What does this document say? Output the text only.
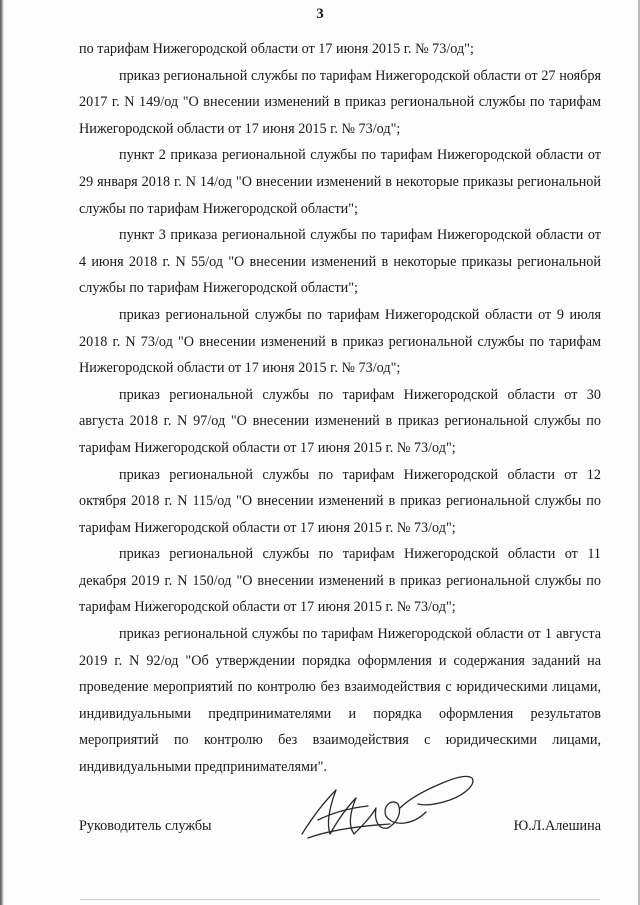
3

по тарифам Нижегородской области от 17 июня 2015 г. № 73/од";

приказ региональной службы по тарифам Нижегородской области от 27 ноября 2017 г. N 149/од "О внесении изменений в приказ региональной службы по тарифам Нижегородской области от 17 июня 2015 г. № 73/од";

пункт 2 приказа региональной службы по тарифам Нижегородской области от 29 января 2018 г. N 14/од "О внесении изменений в некоторые приказы региональной службы по тарифам Нижегородской области";

пункт 3 приказа региональной службы по тарифам Нижегородской области от 4 июня 2018 г. N 55/од "О внесении изменений в некоторые приказы региональной службы по тарифам Нижегородской области";

приказ региональной службы по тарифам Нижегородской области от 9 июля 2018 г. N 73/од "О внесении изменений в приказ региональной службы по тарифам Нижегородской области от 17 июня 2015 г. № 73/од";

приказ региональной службы по тарифам Нижегородской области от 30 августа 2018 г. N 97/од "О внесении изменений в приказ региональной службы по тарифам Нижегородской области от 17 июня 2015 г. № 73/од";

приказ региональной службы по тарифам Нижегородской области от 12 октября 2018 г. N 115/од "О внесении изменений в приказ региональной службы по тарифам Нижегородской области от 17 июня 2015 г. № 73/од";

приказ региональной службы по тарифам Нижегородской области от 11 декабря 2019 г. N 150/од "О внесении изменений в приказ региональной службы по тарифам Нижегородской области от 17 июня 2015 г. № 73/од";

приказ региональной службы по тарифам Нижегородской области от 1 августа 2019 г. N 92/од "Об утверждении порядка оформления и содержания заданий на проведение мероприятий по контролю без взаимодействия с юридическими лицами, индивидуальными предпринимателями и порядка оформления результатов мероприятий по контролю без взаимодействия с юридическими лицами, индивидуальными предпринимателями".

Руководитель службы	Ю.Л.Алешина
